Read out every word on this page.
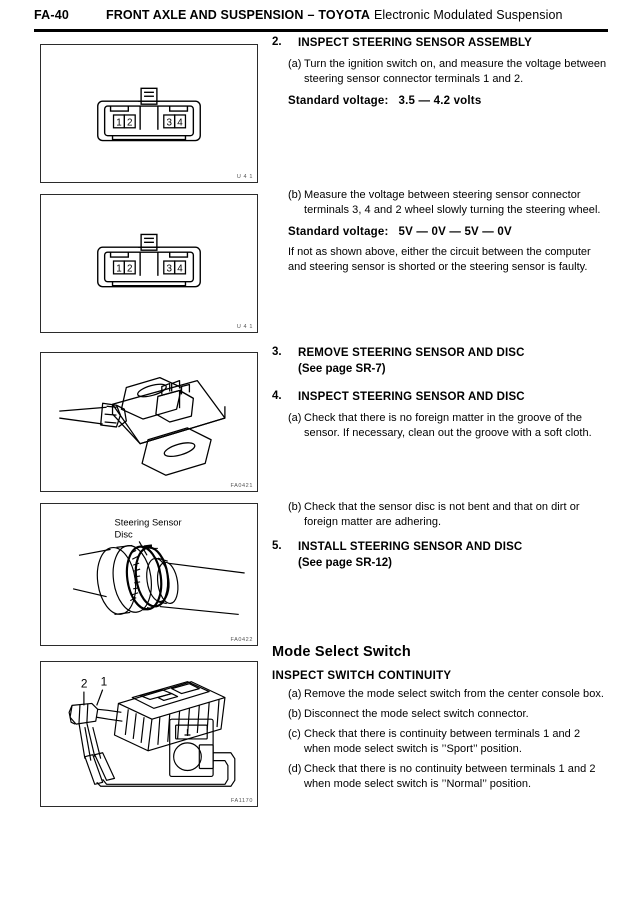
FA-40	FRONT AXLE AND SUSPENSION – TOYOTA Electronic Modulated Suspension
1 2	3 4
U 4 1
1 2	3 4
U 4 1
FA0421
Steering Sensor
Disc
FA0422
2 1
FA1170
2.	INSPECT STEERING SENSOR ASSEMBLY
(a) Turn the ignition switch on, and measure the voltage between steering sensor connector terminals 1 and 2.
Standard voltage: 3.5 — 4.2 volts
(b) Measure the voltage between steering sensor connector terminals 3, 4 and 2 wheel slowly turning the steering wheel.
Standard voltage: 5V — 0V — 5V — 0V
If not as shown above, either the circuit between the computer and steering sensor is shorted or the steering sensor is faulty.
3.	REMOVE STEERING SENSOR AND DISC
(See page SR-7)
4.	INSPECT STEERING SENSOR AND DISC
(a) Check that there is no foreign matter in the groove of the sensor. If necessary, clean out the groove with a soft cloth.
(b) Check that the sensor disc is not bent and that on dirt or foreign matter are adhering.
5.	INSTALL STEERING SENSOR AND DISC
(See page SR-12)
Mode Select Switch
INSPECT SWITCH CONTINUITY
(a) Remove the mode select switch from the center console box.
(b) Disconnect the mode select switch connector.
(c) Check that there is continuity between terminals 1 and 2 when mode select switch is ’’Sport’’ position.
(d) Check that there is no continuity between terminals 1 and 2 when mode select switch is ’’Normal’’ position.
